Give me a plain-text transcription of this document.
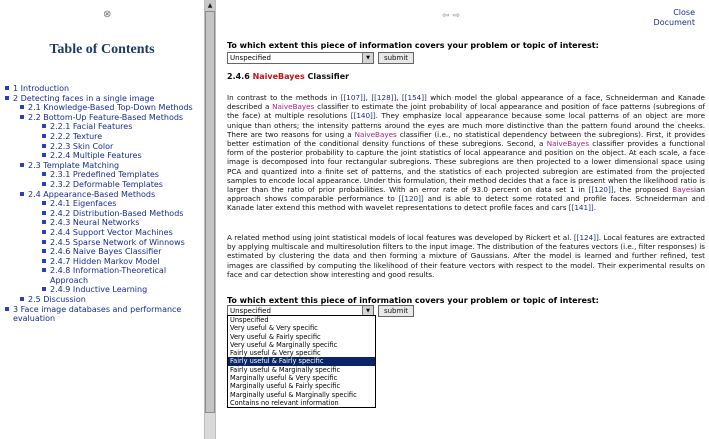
⊗
Table of Contents
1 Introduction
2 Detecting faces in a single image
2.1 Knowledge-Based Top-Down Methods
2.2 Bottom-Up Feature-Based Methods
2.2.1 Facial Features
2.2.2 Texture
2.2.3 Skin Color
2.2.4 Multiple Features
2.3 Template Matching
2.3.1 Predefined Templates
2.3.2 Deformable Templates
2.4 Appearance-Based Methods
2.4.1 Eigenfaces
2.4.2 Distribution-Based Methods
2.4.3 Neural Networks
2.4.4 Support Vector Machines
2.4.5 Sparse Network of Winnows
2.4.6 Naive Bayes Classifier
2.4.7 Hidden Markov Model
2.4.8 Information-Theoretical Approach
2.4.9 Inductive Learning
2.5 Discussion
3 Face image databases and performance evaluation
▲
⇦ ⇨	Close
Document
To which extent this piece of information covers your problem or topic of interest:
Unspecified	▼	submit
2.4.6 NaiveBayes Classifier
In contrast to the methods in [[107]], [[128]], [[154]] which model the global appearance of a face, Schneiderman and Kanade described a NaiveBayes classifier to estimate the joint probability of local appearance and position of face patterns (subregions of the face) at multiple resolutions [[140]]. They emphasize local appearance because some local patterns of an object are more unique than others; the intensity patterns around the eyes are much more distinctive than the pattern found around the cheeks. There are two reasons for using a NaiveBayes classifier (i.e., no statistical dependency between the subregions). First, it provides better estimation of the conditional density functions of these subregions. Second, a NaiveBayes classifier provides a functional form of the posterior probability to capture the joint statistics of local appearance and position on the object. At each scale, a face image is decomposed into four rectangular subregions. These subregions are then projected to a lower dimensional space using PCA and quantized into a finite set of patterns, and the statistics of each projected subregion are estimated from the projected samples to encode local appearance. Under this formulation, their method decides that a face is present when the likelihood ratio is larger than the ratio of prior probabilities. With an error rate of 93.0 percent on data set 1 in [[120]], the proposed Bayesian approach shows comparable performance to [[120]] and is able to detect some rotated and profile faces. Schneiderman and Kanade later extend this method with wavelet representations to detect profile faces and cars [[141]].
A related method using joint statistical models of local features was developed by Rickert et al. [[124]]. Local features are extracted by applying multiscale and multiresolution filters to the input image. The distribution of the features vectors (i.e., filter responses) is estimated by clustering the data and then forming a mixture of Gaussians. After the model is learned and further refined, test images are classified by computing the likelihood of their feature vectors with respect to the model. Their experimental results on face and car detection show interesting and good results.
To which extent this piece of information covers your problem or topic of interest:
Unspecified	▼	submit
Unspecified
Very useful & Very specific
Very useful & Fairly specific
Very useful & Marginally specific
Fairly useful & Very specific
Fairly useful & Fairly specific
Fairly useful & Marginally specific
Marginally useful & Very specific
Marginally useful & Fairly specific
Marginally useful & Marginally specific
Contains no relevant information
